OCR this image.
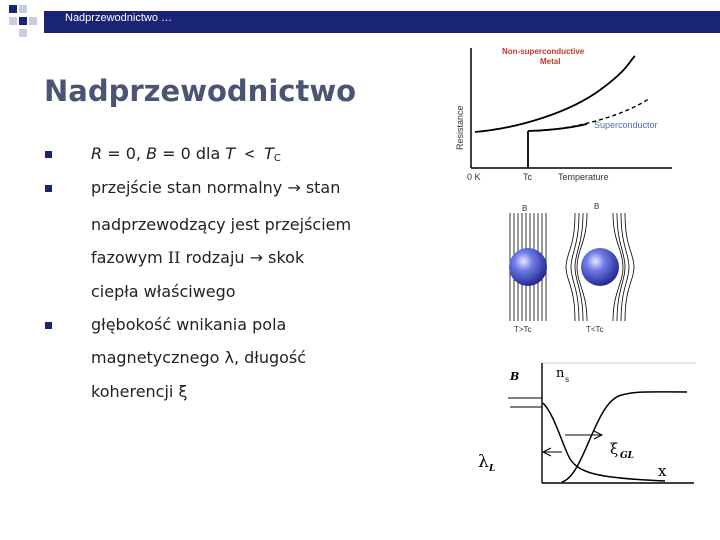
Nadprzewodnictwo …
Nadprzewodnictwo
R = 0, B = 0 dla T < TC
przejście stan normalny → stan
nadprzewodzący jest przejściem
fazowym II rodzaju → skok
ciepła właściwego
głębokość wnikania pola
magnetycznego λ, długość
koherencji ξ
Non-superconductive
Metal
Superconductor
Resistance
0 K	Tc	Temperature
B	B
T>Tc	T<Tc
B	n s
ξ GL
λ L	x
